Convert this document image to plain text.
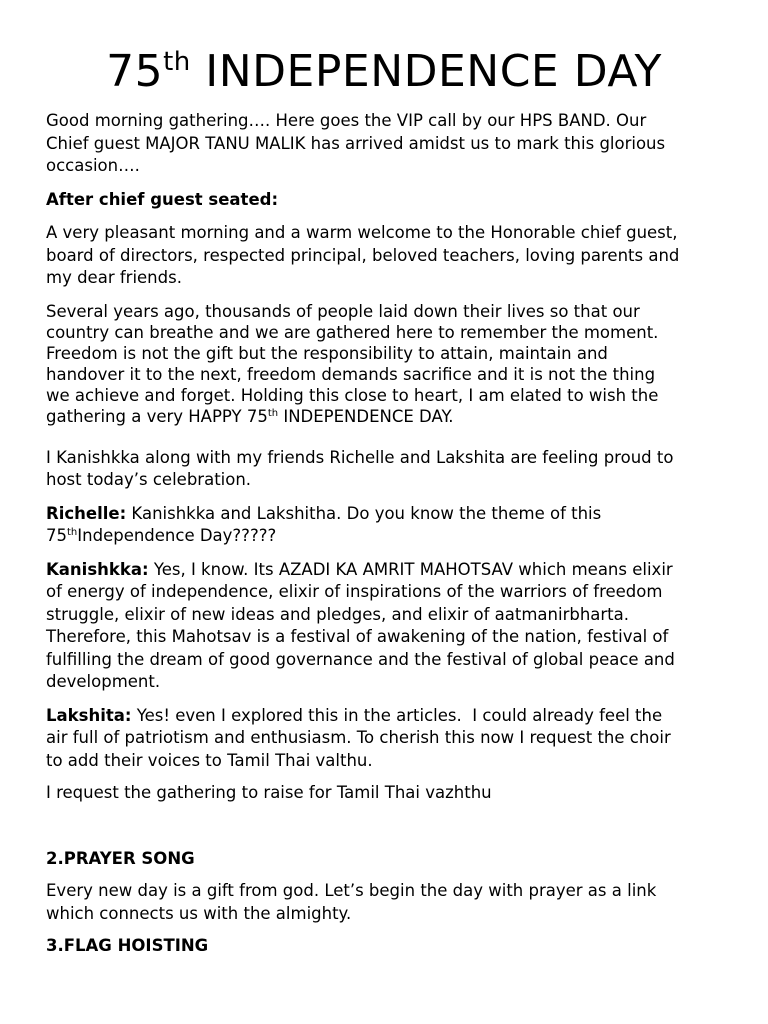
75th INDEPENDENCE DAY

Good morning gathering…. Here goes the VIP call by our HPS BAND. Our
Chief guest MAJOR TANU MALIK has arrived amidst us to mark this glorious
occasion….

After chief guest seated:

A very pleasant morning and a warm welcome to the Honorable chief guest,
board of directors, respected principal, beloved teachers, loving parents and
my dear friends.

Several years ago, thousands of people laid down their lives so that our
country can breathe and we are gathered here to remember the moment.
Freedom is not the gift but the responsibility to attain, maintain and
handover it to the next, freedom demands sacrifice and it is not the thing
we achieve and forget. Holding this close to heart, I am elated to wish the
gathering a very HAPPY 75th INDEPENDENCE DAY.

I Kanishkka along with my friends Richelle and Lakshita are feeling proud to
host today’s celebration.

Richelle: Kanishkka and Lakshitha. Do you know the theme of this
75thIndependence Day?????

Kanishkka: Yes, I know. Its AZADI KA AMRIT MAHOTSAV which means elixir
of energy of independence, elixir of inspirations of the warriors of freedom
struggle, elixir of new ideas and pledges, and elixir of aatmanirbharta.
Therefore, this Mahotsav is a festival of awakening of the nation, festival of
fulfilling the dream of good governance and the festival of global peace and
development.

Lakshita: Yes! even I explored this in the articles.  I could already feel the
air full of patriotism and enthusiasm. To cherish this now I request the choir
to add their voices to Tamil Thai valthu.

I request the gathering to raise for Tamil Thai vazhthu

2.PRAYER SONG

Every new day is a gift from god. Let’s begin the day with prayer as a link
which connects us with the almighty.

3.FLAG HOISTING
